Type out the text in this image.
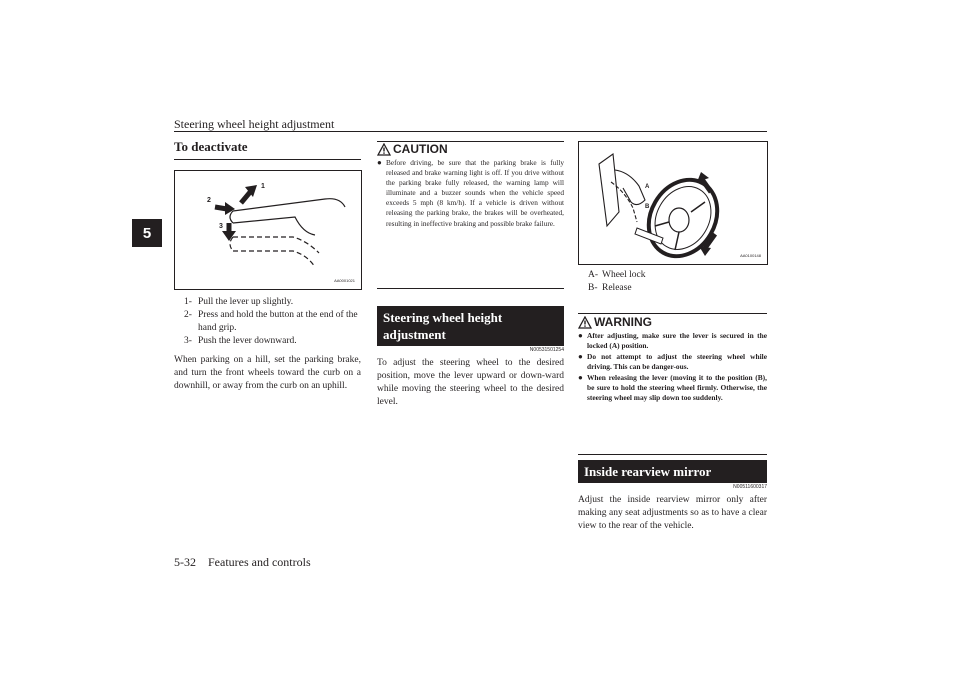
Steering wheel height adjustment
5
To deactivate
1
2
3
AA0001021
1- Pull the lever up slightly.
2- Press and hold the button at the end of the hand grip.
3- Push the lever downward.
When parking on a hill, set the parking brake, and turn the front wheels toward the curb on a downhill, or away from the curb on an uphill.
CAUTION
● Before driving, be sure that the parking brake is fully released and brake warning light is off. If you drive without the parking brake fully released, the warning lamp will illuminate and a buzzer sounds when the vehicle speed exceeds 5 mph (8 km/h). If a vehicle is driven without releasing the parking brake, the brakes will be overheated, resulting in ineffective braking and possible brake failure.
Steering wheel height adjustment
N00531501254
To adjust the steering wheel to the desired position, move the lever upward or down-ward while moving the steering wheel to the desired level.
A
B
AA0100148
A- Wheel lock
B- Release
WARNING
● After adjusting, make sure the lever is secured in the locked (A) position.
● Do not attempt to adjust the steering wheel while driving. This can be danger-ous.
● When releasing the lever (moving it to the position (B), be sure to hold the steering wheel firmly. Otherwise, the steering wheel may slip down too suddenly.
Inside rearview mirror
N00511600317
Adjust the inside rearview mirror only after making any seat adjustments so as to have a clear view to the rear of the vehicle.
5-32    Features and controls
